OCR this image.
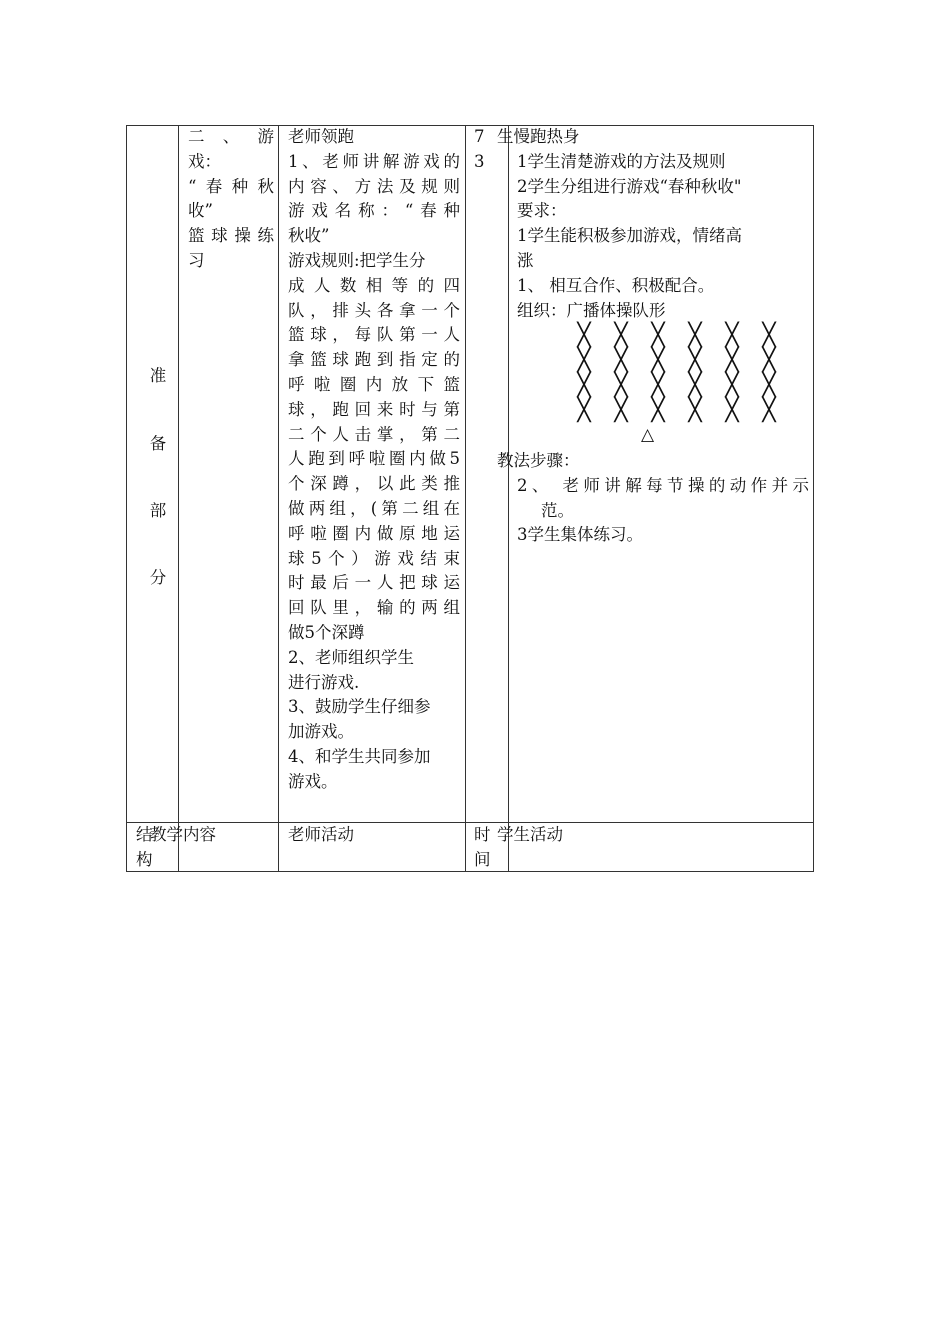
准
备
部
分
二 、 游
戏：
“春种秋
收”
篮球操练
习
老师领跑
1、老师讲解游戏的
内容、方法及规则
游戏名称：“春种
秋收”
游戏规则:把学生分
成人数相等的四
队，排头各拿一个
篮球，每队第一人
拿篮球跑到指定的
呼啦圈内放下篮
球，跑回来时与第
二个人击掌，第二
人跑到呼啦圈内做5
个深蹲，以此类推
做两组，(第二组在
呼啦圈内做原地运
球5个）游戏结束
时最后一人把球运
回队里，输的两组
做5个深蹲
2、老师组织学生
进行游戏.
3、鼓励学生仔细参
加游戏。
4、和学生共同参加
游戏。
7
3
生慢跑热身
1学生清楚游戏的方法及规则
2学生分组进行游戏“春种秋收"
要求：
1学生能积极参加游戏，情绪高
涨
1、 相互合作、积极配合。
组织：广播体操队形
╳ ╳ ╳ ╳ ╳ ╳
╳ ╳ ╳ ╳ ╳ ╳
╳ ╳ ╳ ╳ ╳ ╳
╳ ╳ ╳ ╳ ╳ ╳
△
教法步骤：
2、 老师讲解每节操的动作并示
范。
3学生集体练习。
结
构
教学内容	老师活动	时
间
学生活动
